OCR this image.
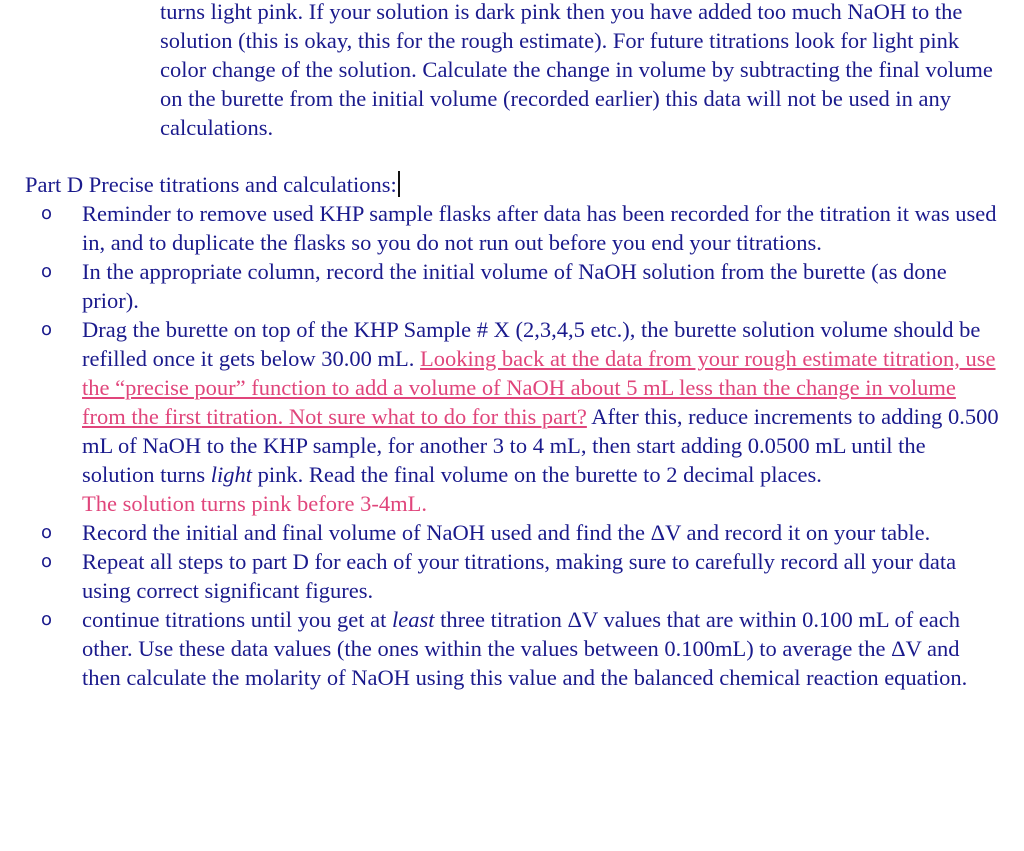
turns light pink. If your solution is dark pink then you have added too much NaOH to the solution (this is okay, this for the rough estimate). For future titrations look for light pink color change of the solution. Calculate the change in volume by subtracting the final volume on the burette from the initial volume (recorded earlier) this data will not be used in any calculations.

Part D Precise titrations and calculations:

o Reminder to remove used KHP sample flasks after data has been recorded for the titration it was used in, and to duplicate the flasks so you do not run out before you end your titrations.
o In the appropriate column, record the initial volume of NaOH solution from the burette (as done prior).
o Drag the burette on top of the KHP Sample # X (2,3,4,5 etc.), the burette solution volume should be refilled once it gets below 30.00 mL. Looking back at the data from your rough estimate titration, use the “precise pour” function to add a volume of NaOH about 5 mL less than the change in volume from the first titration. Not sure what to do for this part? After this, reduce increments to adding 0.500 mL of NaOH to the KHP sample, for another 3 to 4 mL, then start adding 0.0500 mL until the solution turns light pink. Read the final volume on the burette to 2 decimal places.
The solution turns pink before 3-4mL.
o Record the initial and final volume of NaOH used and find the ΔV and record it on your table.
o Repeat all steps to part D for each of your titrations, making sure to carefully record all your data using correct significant figures.
o continue titrations until you get at least three titration ΔV values that are within 0.100 mL of each other. Use these data values (the ones within the values between 0.100mL) to average the ΔV and then calculate the molarity of NaOH using this value and the balanced chemical reaction equation.
